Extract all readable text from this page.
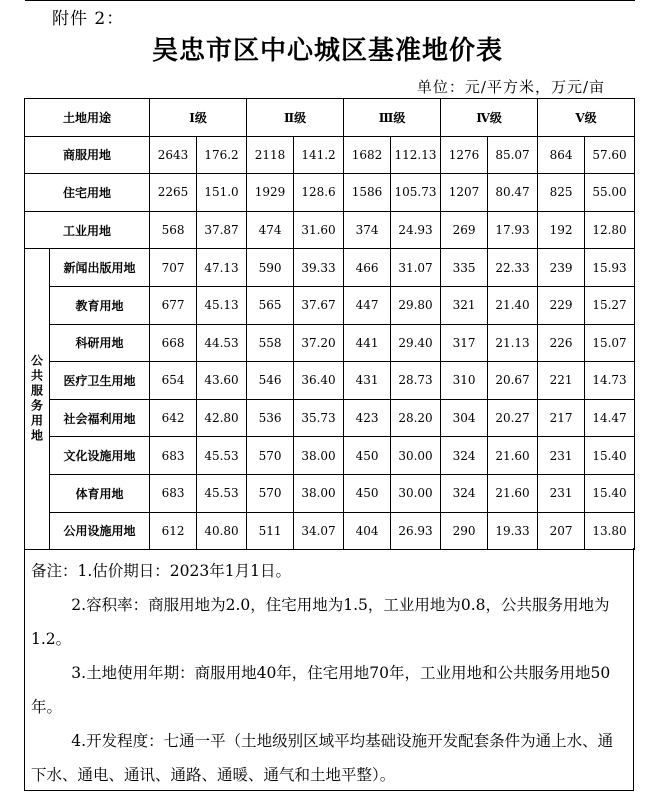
附件 2：
吴忠市区中心城区基准地价表
单位：元/平方米，万元/亩
土地用途		Ⅰ级		Ⅱ级		Ⅲ级		Ⅳ级		Ⅴ级	
商服用地		2643	176.2	2118	141.2	1682	112.13	1276	85.07	864	57.60
住宅用地		2265	151.0	1929	128.6	1586	105.73	1207	80.47	825	55.00
工业用地		568	37.87	474	31.60	374	24.93	269	17.93	192	12.80
公共服务用地	新闻出版用地	707	47.13	590	39.33	466	31.07	335	22.33	239	15.93
	教育用地	677	45.13	565	37.67	447	29.80	321	21.40	229	15.27
	科研用地	668	44.53	558	37.20	441	29.40	317	21.13	226	15.07
	医疗卫生用地	654	43.60	546	36.40	431	28.73	310	20.67	221	14.73
	社会福利用地	642	42.80	536	35.73	423	28.20	304	20.27	217	14.47
	文化设施用地	683	45.53	570	38.00	450	30.00	324	21.60	231	15.40
	体育用地	683	45.53	570	38.00	450	30.00	324	21.60	231	15.40
	公用设施用地	612	40.80	511	34.07	404	26.93	290	19.33	207	13.80

备注：1.估价期日：2023年1月1日。

2.容积率：商服用地为2.0，住宅用地为1.5，工业用地为0.8，公共服务用地为1.2。

3.土地使用年期：商服用地40年，住宅用地70年，工业用地和公共服务用地50年。

4.开发程度：七通一平（土地级别区域平均基础设施开发配套条件为通上水、通下水、通电、通讯、通路、通暖、通气和土地平整）。
